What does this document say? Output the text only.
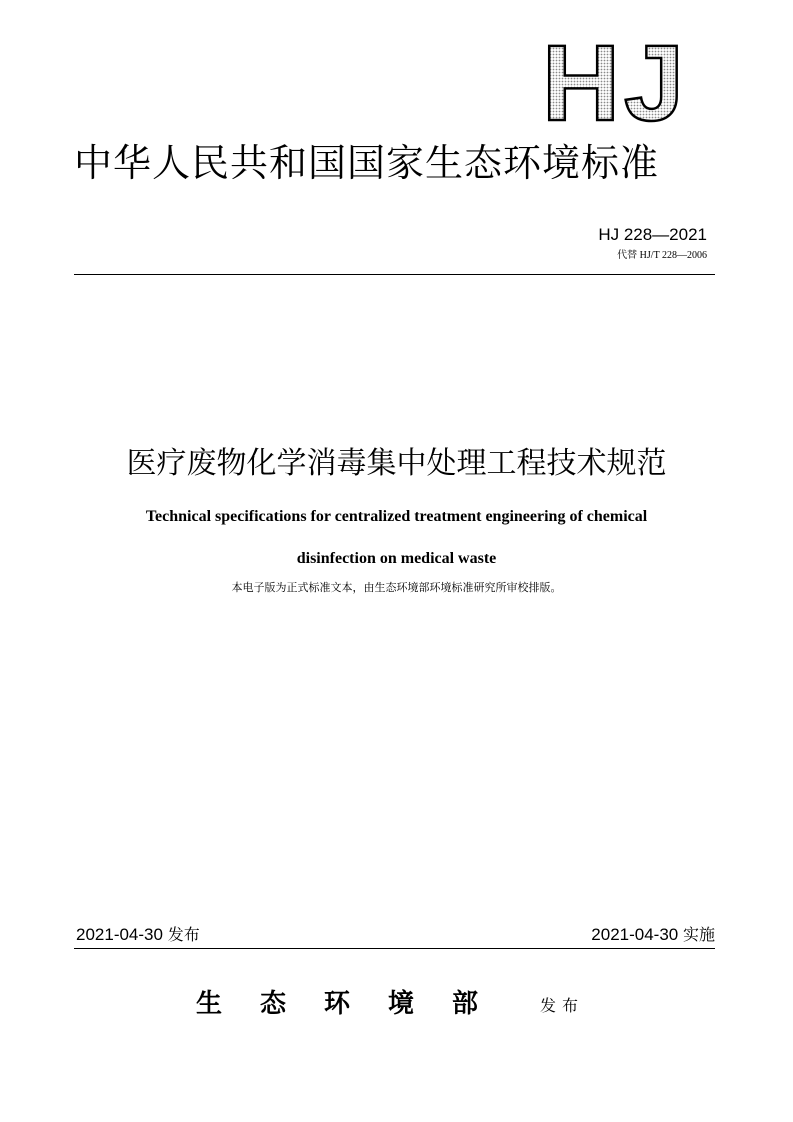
HJ
中华人民共和国国家生态环境标准
HJ 228—2021
代替 HJ/T 228—2006
医疗废物化学消毒集中处理工程技术规范
Technical specifications for centralized treatment engineering of chemical
disinfection on medical waste
本电子版为正式标准文本，由生态环境部环境标准研究所审校排版。
2021-04-30 发布	2021-04-30 实施
生态环境部 发布
